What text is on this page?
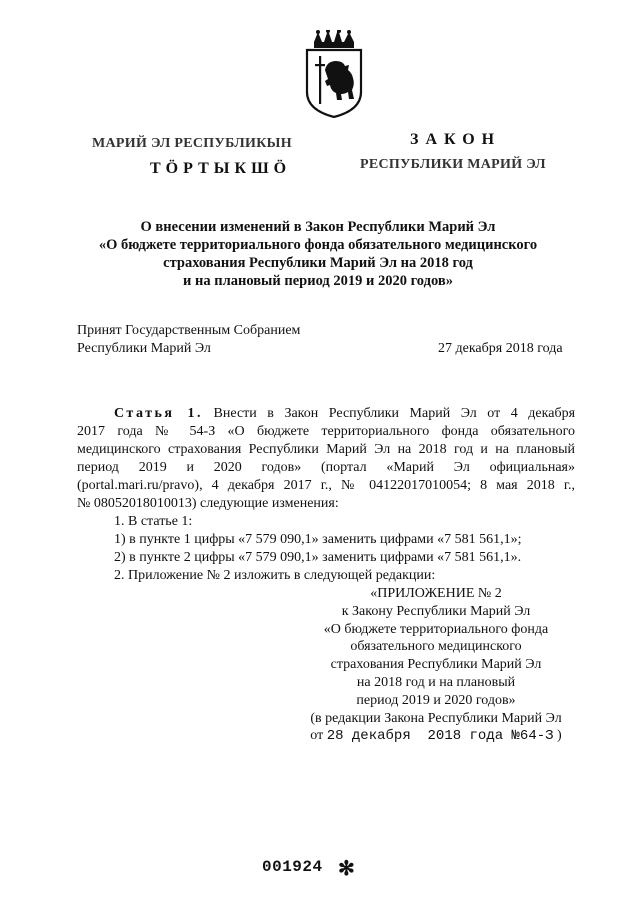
МАРИЙ ЭЛ РЕСПУБЛИКЫН
ТӦРТЫКШӦ
ЗАКОН
РЕСПУБЛИКИ МАРИЙ ЭЛ
О внесении изменений в Закон Республики Марий Эл
«О бюджете территориального фонда обязательного медицинского
страхования Республики Марий Эл на 2018 год
и на плановый период 2019 и 2020 годов»
Принят Государственным Собранием
Республики Марий Эл	27 декабря 2018 года
Статья 1. Внести в Закон Республики Марий Эл от 4 декабря
2017 года № 54-З «О бюджете территориального фонда обязательного
медицинского страхования Республики Марий Эл на 2018 год и на плановый
период 2019 и 2020 годов» (портал «Марий Эл официальная»
(portal.mari.ru/pravo), 4 декабря 2017 г., № 04122017010054; 8 мая 2018 г.,
№ 08052018010013) следующие изменения:
1. В статье 1:
1) в пункте 1 цифры «7 579 090,1» заменить цифрами «7 581 561,1»;
2) в пункте 2 цифры «7 579 090,1» заменить цифрами «7 581 561,1».
2. Приложение № 2 изложить в следующей редакции:
«ПРИЛОЖЕНИЕ № 2
к Закону Республики Марий Эл
«О бюджете территориального фонда
обязательного медицинского
страхования Республики Марий Эл
на 2018 год и на плановый
период 2019 и 2020 годов»
(в редакции Закона Республики Марий Эл
от 28 декабря  2018 года №64-З )
001924 ✻
